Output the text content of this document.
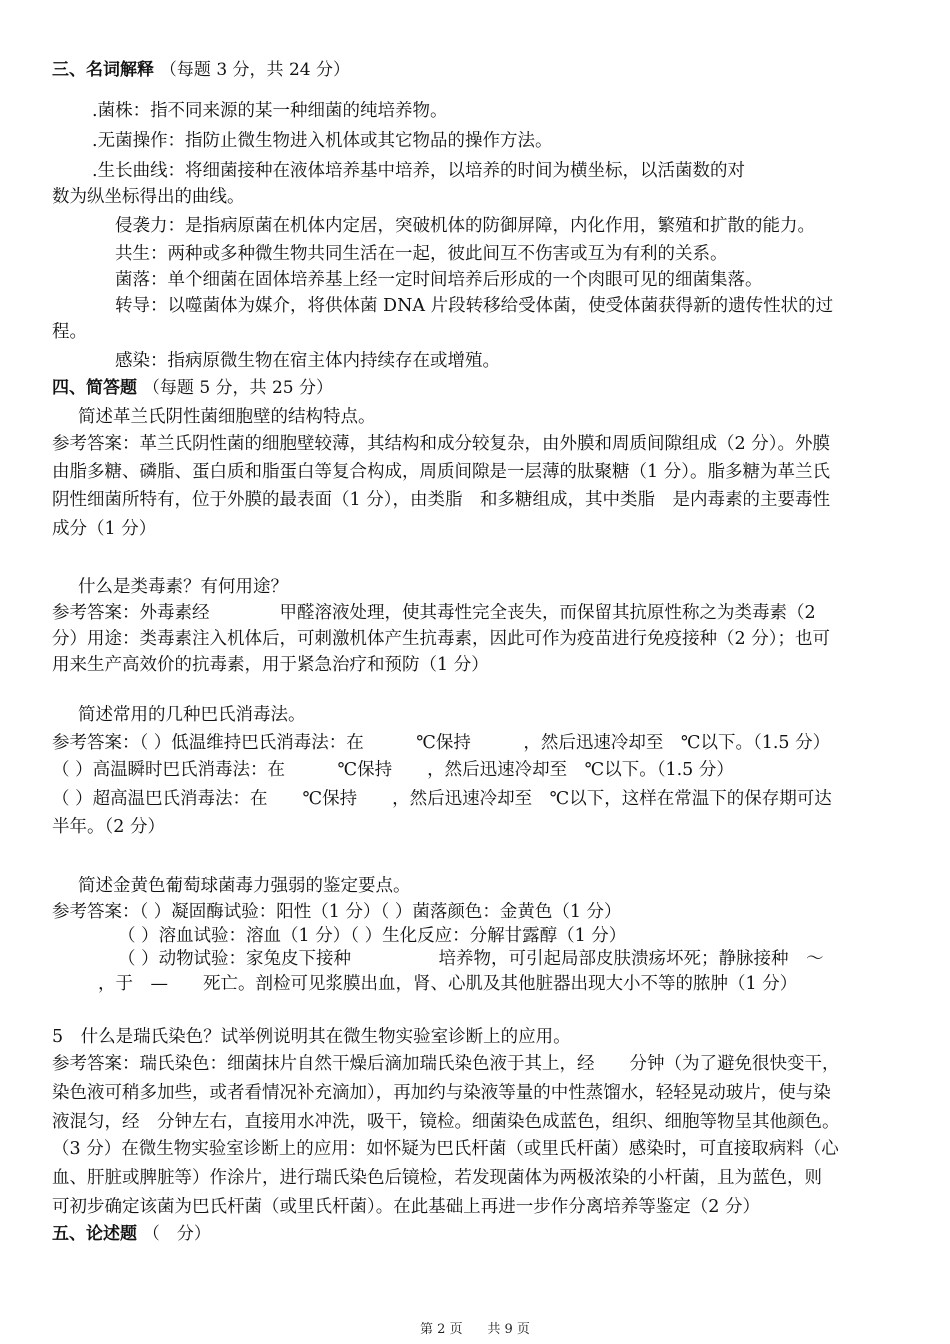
三、名词解释 （每题 3 分，共 24 分）
.菌株：指不同来源的某一种细菌的纯培养物。
.无菌操作：指防止微生物进入机体或其它物品的操作方法。
.生长曲线：将细菌接种在液体培养基中培养，以培养的时间为横坐标，以活菌数的对
数为纵坐标得出的曲线。
侵袭力：是指病原菌在机体内定居，突破机体的防御屏障，内化作用，繁殖和扩散的能力。
共生：两种或多种微生物共同生活在一起，彼此间互不伤害或互为有利的关系。
菌落：单个细菌在固体培养基上经一定时间培养后形成的一个肉眼可见的细菌集落。
转导：以噬菌体为媒介，将供体菌 DNA 片段转移给受体菌，使受体菌获得新的遗传性状的过
程。
感染：指病原微生物在宿主体内持续存在或增殖。
四、简答题 （每题 5 分，共 25 分）
简述革兰氏阴性菌细胞壁的结构特点。
参考答案：革兰氏阴性菌的细胞壁较薄，其结构和成分较复杂，由外膜和周质间隙组成（2 分）。外膜
由脂多糖、磷脂、蛋白质和脂蛋白等复合构成，周质间隙是一层薄的肽聚糖（1 分）。脂多糖为革兰氏
阴性细菌所特有，位于外膜的最表面（1 分），由类脂　和多糖组成，其中类脂　是内毒素的主要毒性
成分（1 分）
什么是类毒素？有何用途？
参考答案：外毒素经　　　　甲醛溶液处理，使其毒性完全丧失，而保留其抗原性称之为类毒素（2
分）用途：类毒素注入机体后，可刺激机体产生抗毒素，因此可作为疫苗进行免疫接种（2 分）；也可
用来生产高效价的抗毒素，用于紧急治疗和预防（1 分）
简述常用的几种巴氏消毒法。
参考答案：（ ）低温维持巴氏消毒法：在　　　℃保持　　　，然后迅速冷却至　℃以下。（1.5 分）
（ ）高温瞬时巴氏消毒法：在　　　℃保持　　，然后迅速冷却至　℃以下。（1.5 分）
（ ）超高温巴氏消毒法：在　　℃保持　　，然后迅速冷却至　℃以下，这样在常温下的保存期可达
半年。（2 分）
简述金黄色葡萄球菌毒力强弱的鉴定要点。
参考答案：（ ）凝固酶试验：阳性（1 分）（ ）菌落颜色：金黄色（1 分）
（ ）溶血试验：溶血（1 分）（ ）生化反应：分解甘露醇（1 分）
（ ）动物试验：家兔皮下接种　　　　　培养物，可引起局部皮肤溃疡坏死；静脉接种　～
，于　—　　死亡。剖检可见浆膜出血，肾、心肌及其他脏器出现大小不等的脓肿（1 分）
5　什么是瑞氏染色？试举例说明其在微生物实验室诊断上的应用。
参考答案：瑞氏染色：细菌抹片自然干燥后滴加瑞氏染色液于其上，经　　分钟（为了避免很快变干，
染色液可稍多加些，或者看情况补充滴加），再加约与染液等量的中性蒸馏水，轻轻晃动玻片，使与染
液混匀，经　分钟左右，直接用水冲洗，吸干，镜检。细菌染色成蓝色，组织、细胞等物呈其他颜色。
（3 分）在微生物实验室诊断上的应用：如怀疑为巴氏杆菌（或里氏杆菌）感染时，可直接取病料（心
血、肝脏或脾脏等）作涂片，进行瑞氏染色后镜检，若发现菌体为两极浓染的小杆菌，且为蓝色，则
可初步确定该菌为巴氏杆菌（或里氏杆菌）。在此基础上再进一步作分离培养等鉴定（2 分）
五、论述题 （　分）
第 2 页 共 9 页
